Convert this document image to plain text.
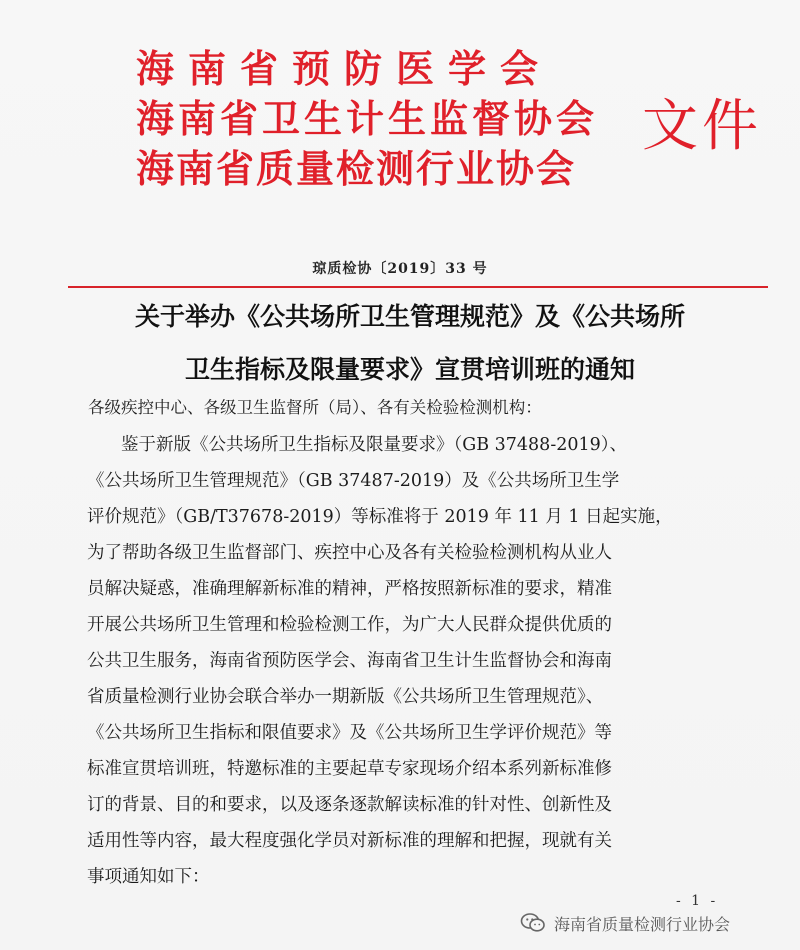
海南省预防医学会
海南省卫生计生监督协会
海南省质量检测行业协会
文件
琼质检协〔2019〕33 号
关于举办《公共场所卫生管理规范》及《公共场所
卫生指标及限量要求》宣贯培训班的通知
各级疾控中心、各级卫生监督所（局）、各有关检验检测机构：
鉴于新版《公共场所卫生指标及限量要求》（GB 37488-2019）、
《公共场所卫生管理规范》（GB 37487-2019）及《公共场所卫生学
评价规范》（GB/T37678-2019）等标准将于 2019 年 11 月 1 日起实施，
为了帮助各级卫生监督部门、疾控中心及各有关检验检测机构从业人
员解决疑惑，准确理解新标准的精神，严格按照新标准的要求，精准
开展公共场所卫生管理和检验检测工作，为广大人民群众提供优质的
公共卫生服务，海南省预防医学会、海南省卫生计生监督协会和海南
省质量检测行业协会联合举办一期新版《公共场所卫生管理规范》、
《公共场所卫生指标和限值要求》及《公共场所卫生学评价规范》等
标准宣贯培训班，特邀标准的主要起草专家现场介绍本系列新标准修
订的背景、目的和要求，以及逐条逐款解读标准的针对性、创新性及
适用性等内容，最大程度强化学员对新标准的理解和把握，现就有关
事项通知如下：
- 1 -
海南省质量检测行业协会
